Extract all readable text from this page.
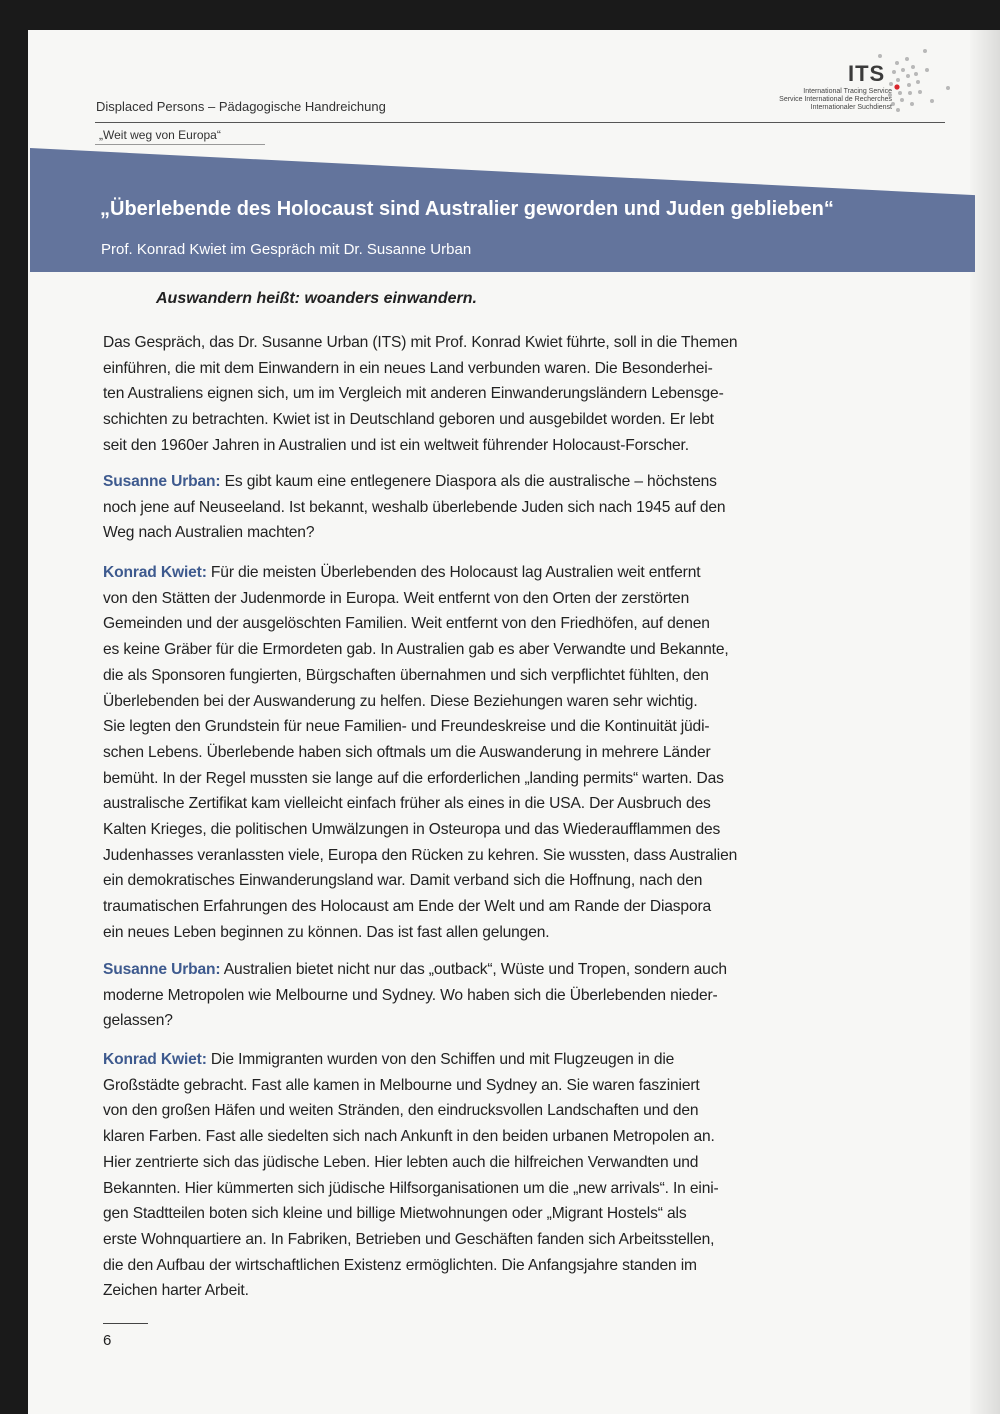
Displaced Persons – Pädagogische Handreichung
„Weit weg von Europa“
ITS
International Tracing Service
Service International de Recherches
Internationaler Suchdienst
„Überlebende des Holocaust sind Australier geworden und Juden geblieben“
Prof. Konrad Kwiet im Gespräch mit Dr. Susanne Urban
Auswandern heißt: woanders einwandern.
Das Gespräch, das Dr. Susanne Urban (ITS) mit Prof. Konrad Kwiet führte, soll in die Themen
einführen, die mit dem Einwandern in ein neues Land verbunden waren. Die Besonderhei-
ten Australiens eignen sich, um im Vergleich mit anderen Einwanderungsländern Lebensge-
schichten zu betrachten. Kwiet ist in Deutschland geboren und ausgebildet worden. Er lebt
seit den 1960er Jahren in Australien und ist ein weltweit führender Holocaust-Forscher.
Susanne Urban: Es gibt kaum eine entlegenere Diaspora als die australische – höchstens
noch jene auf Neuseeland. Ist bekannt, weshalb überlebende Juden sich nach 1945 auf den
Weg nach Australien machten?
Konrad Kwiet: Für die meisten Überlebenden des Holocaust lag Australien weit entfernt
von den Stätten der Judenmorde in Europa. Weit entfernt von den Orten der zerstörten
Gemeinden und der ausgelöschten Familien. Weit entfernt von den Friedhöfen, auf denen
es keine Gräber für die Ermordeten gab. In Australien gab es aber Verwandte und Bekannte,
die als Sponsoren fungierten, Bürgschaften übernahmen und sich verpflichtet fühlten, den
Überlebenden bei der Auswanderung zu helfen. Diese Beziehungen waren sehr wichtig.
Sie legten den Grundstein für neue Familien- und Freundeskreise und die Kontinuität jüdi-
schen Lebens. Überlebende haben sich oftmals um die Auswanderung in mehrere Länder
bemüht. In der Regel mussten sie lange auf die erforderlichen „landing permits“ warten. Das
australische Zertifikat kam vielleicht einfach früher als eines in die USA. Der Ausbruch des
Kalten Krieges, die politischen Umwälzungen in Osteuropa und das Wiederaufflammen des
Judenhasses veranlassten viele, Europa den Rücken zu kehren. Sie wussten, dass Australien
ein demokratisches Einwanderungsland war. Damit verband sich die Hoffnung, nach den
traumatischen Erfahrungen des Holocaust am Ende der Welt und am Rande der Diaspora
ein neues Leben beginnen zu können. Das ist fast allen gelungen.
Susanne Urban: Australien bietet nicht nur das „outback“, Wüste und Tropen, sondern auch
moderne Metropolen wie Melbourne und Sydney. Wo haben sich die Überlebenden nieder-
gelassen?
Konrad Kwiet: Die Immigranten wurden von den Schiffen und mit Flugzeugen in die
Großstädte gebracht. Fast alle kamen in Melbourne und Sydney an. Sie waren fasziniert
von den großen Häfen und weiten Stränden, den eindrucksvollen Landschaften und den
klaren Farben. Fast alle siedelten sich nach Ankunft in den beiden urbanen Metropolen an.
Hier zentrierte sich das jüdische Leben. Hier lebten auch die hilfreichen Verwandten und
Bekannten. Hier kümmerten sich jüdische Hilfsorganisationen um die „new arrivals“. In eini-
gen Stadtteilen boten sich kleine und billige Mietwohnungen oder „Migrant Hostels“ als
erste Wohnquartiere an. In Fabriken, Betrieben und Geschäften fanden sich Arbeitsstellen,
die den Aufbau der wirtschaftlichen Existenz ermöglichten. Die Anfangsjahre standen im
Zeichen harter Arbeit.
6
